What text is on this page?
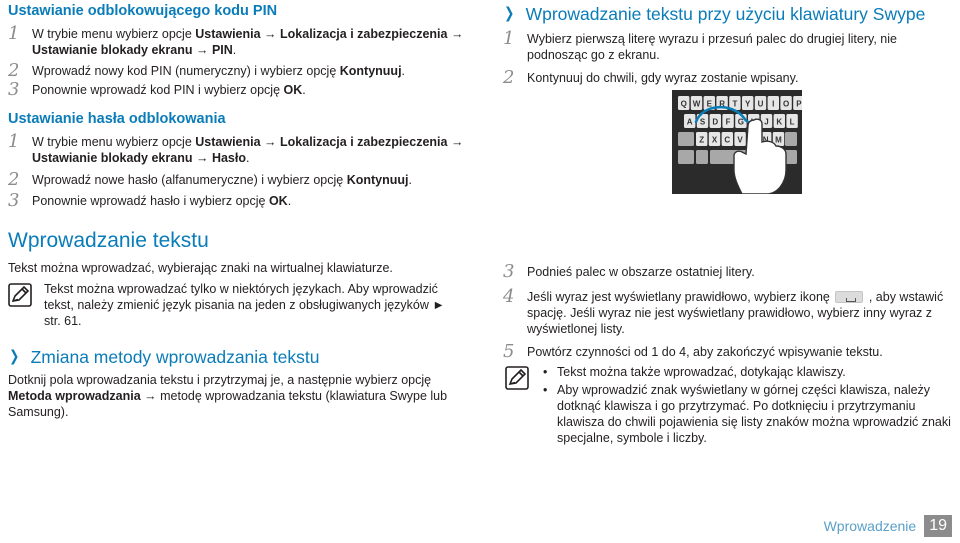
Ustawianie odblokowującego kodu PIN
1 W trybie menu wybierz opcje Ustawienia → Lokalizacja i zabezpieczenia → Ustawianie blokady ekranu → PIN.
2 Wprowadź nowy kod PIN (numeryczny) i wybierz opcję Kontynuuj.
3 Ponownie wprowadź kod PIN i wybierz opcję OK.
Ustawianie hasła odblokowania
1 W trybie menu wybierz opcje Ustawienia → Lokalizacja i zabezpieczenia → Ustawianie blokady ekranu → Hasło.
2 Wprowadź nowe hasło (alfanumeryczne) i wybierz opcję Kontynuuj.
3 Ponownie wprowadź hasło i wybierz opcję OK.
Wprowadzanie tekstu

Tekst można wprowadzać, wybierając znaki na wirtualnej klawiaturze.

Tekst można wprowadzać tylko w niektórych językach. Aby wprowadzić tekst, należy zmienić język pisania na jeden z obsługiwanych języków ► str. 61.

❯ Zmiana metody wprowadzania tekstu

Dotknij pola wprowadzania tekstu i przytrzymaj je, a następnie wybierz opcję Metoda wprowadzania → metodę wprowadzania tekstu (klawiatura Swype lub Samsung).

❯ Wprowadzanie tekstu przy użyciu klawiatury Swype
1 Wybierz pierwszą literę wyrazu i przesuń palec do drugiej litery, nie podnosząc go z ekranu.
2 Kontynuuj do chwili, gdy wyraz zostanie wpisany.
3 Podnieś palec w obszarze ostatniej litery.
4 Jeśli wyraz jest wyświetlany prawidłowo, wybierz ikonę	, aby wstawić spację. Jeśli wyraz nie jest wyświetlany prawidłowo, wybierz inny wyraz z wyświetlonej listy.
5 Powtórz czynności od 1 do 4, aby zakończyć wpisywanie tekstu.

• Tekst można także wprowadzać, dotykając klawiszy.

• Aby wprowadzić znak wyświetlany w górnej części klawisza, należy dotknąć klawisza i go przytrzymać. Po dotknięciu i przytrzymaniu klawisza do chwili pojawienia się listy znaków można wprowadzić znaki specjalne, symbole i liczby.

Q W E R T Y U I O P
A S D F G	J K L
Z X C V	N M
Wprowadzenie 19
